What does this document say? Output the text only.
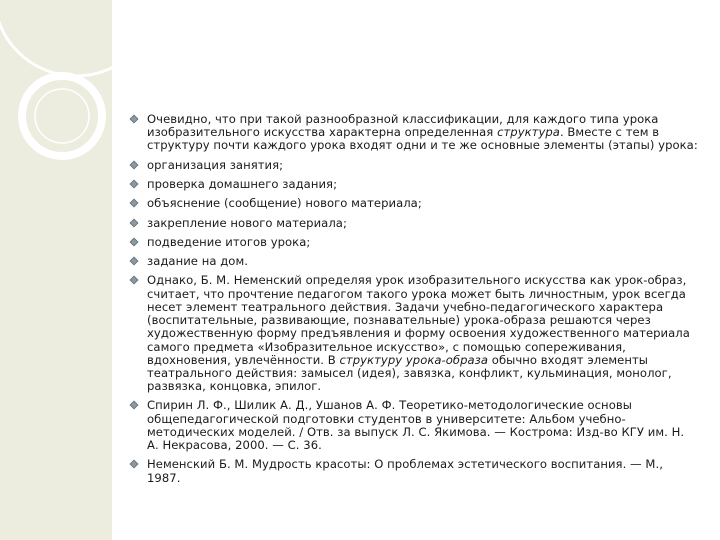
Очевидно, что при такой разнообразной классификации, для каждого типа урока изобразительного искусства характерна определенная структура. Вместе с тем в структуру почти каждого урока входят одни и те же основные элементы (этапы) урока:
организация занятия;
проверка домашнего задания;
объяснение (сообщение) нового материала;
закрепление нового материала;
подведение итогов урока;
задание на дом.
Однако, Б. М. Неменский определяя урок изобразительного искусства как урок-образ, считает, что прочтение педагогом такого урока может быть личностным, урок всегда несет элемент театрального действия. Задачи учебно-педагогического характера (воспитательные, развивающие, познавательные) урока-образа решаются через художественную форму предъявления и форму освоения художественного материала самого предмета «Изобразительное искусство», с помощью сопереживания, вдохновения, увлечённости. В структуру урока-образа обычно входят элементы театрального действия: замысел (идея), завязка, конфликт, кульминация, монолог, развязка, концовка, эпилог.
Спирин Л. Ф., Шилик А. Д., Ушанов А. Ф. Теоретико-методологические основы общепедагогической подготовки студентов в университете: Альбом учебно-методических моделей. / Отв. за выпуск Л. С. Якимова. — Кострома: Изд-во КГУ им. Н. А. Некрасова, 2000. — С. 36.
Неменский Б. М. Мудрость красоты: О проблемах эстетического воспитания. — М., 1987.
